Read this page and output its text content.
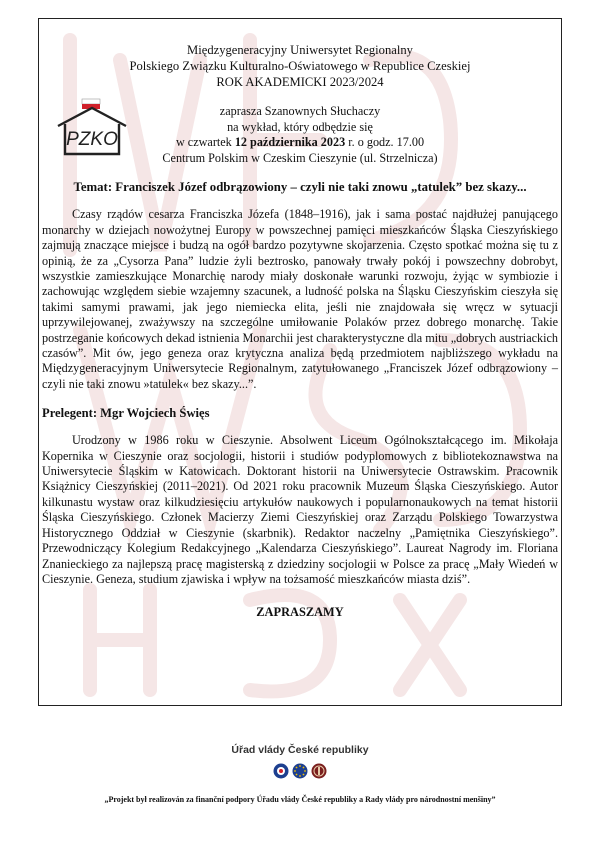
PZKO
Międzygeneracyjny Uniwersytet Regionalny
Polskiego Związku Kulturalno-Oświatowego w Republice Czeskiej
ROK AKADEMICKI 2023/2024
zaprasza Szanownych Słuchaczy
na wykład, który odbędzie się
w czwartek 12 października 2023 r. o godz. 17.00
Centrum Polskim w Czeskim Cieszynie (ul. Strzelnicza)
Temat: Franciszek Józef odbrązowiony – czyli nie taki znowu „tatulek” bez skazy...

Czasy rządów cesarza Franciszka Józefa (1848–1916), jak i sama postać najdłużej panującego monarchy w dziejach nowożytnej Europy w powszechnej pamięci mieszkańców Śląska Cieszyńskiego zajmują znaczące miejsce i budzą na ogół bardzo pozytywne skojarzenia. Często spotkać można się tu z opinią, że za „Cysorza Pana” ludzie żyli beztrosko, panowały trwały pokój i powszechny dobrobyt, wszystkie zamieszkujące Monarchię narody miały doskonałe warunki rozwoju, żyjąc w symbiozie i zachowując względem siebie wzajemny szacunek, a ludność polska na Śląsku Cieszyńskim cieszyła się takimi samymi prawami, jak jego niemiecka elita, jeśli nie znajdowała się wręcz w sytuacji uprzywilejowanej, zważywszy na szczególne umiłowanie Polaków przez dobrego monarchę. Takie postrzeganie końcowych dekad istnienia Monarchii jest charakterystyczne dla mitu „dobrych austriackich czasów”. Mit ów, jego geneza oraz krytyczna analiza będą przedmiotem najbliższego wykładu na Międzygeneracyjnym Uniwersytecie Regionalnym, zatytułowanego „Franciszek Józef odbrązowiony – czyli nie taki znowu »tatulek« bez skazy...”.

Prelegent: Mgr Wojciech Święs

Urodzony w 1986 roku w Cieszynie. Absolwent Liceum Ogólnokształcącego im. Mikołaja Kopernika w Cieszynie oraz socjologii, historii i studiów podyplomowych z bibliotekoznawstwa na Uniwersytecie Śląskim w Katowicach. Doktorant historii na Uniwersytecie Ostrawskim. Pracownik Książnicy Cieszyńskiej (2011–2021). Od 2021 roku pracownik Muzeum Śląska Cieszyńskiego. Autor kilkunastu wystaw oraz kilkudziesięciu artykułów naukowych i popularnonaukowych na temat historii Śląska Cieszyńskiego. Członek Macierzy Ziemi Cieszyńskiej oraz Zarządu Polskiego Towarzystwa Historycznego Oddział w Cieszynie (skarbnik). Redaktor naczelny „Pamiętnika Cieszyńskiego”. Przewodniczący Kolegium Redakcyjnego „Kalendarza Cieszyńskiego”. Laureat Nagrody im. Floriana Znanieckiego za najlepszą pracę magisterską z dziedziny socjologii w Polsce za pracę „Mały Wiedeń w Cieszynie. Geneza, studium zjawiska i wpływ na tożsamość mieszkańców miasta dziś”.

ZAPRASZAMY
Úřad vlády České republiky
„Projekt był realizován za finanční podpory Úřadu vlády České republiky a Rady vlády pro národnostní menšiny”
